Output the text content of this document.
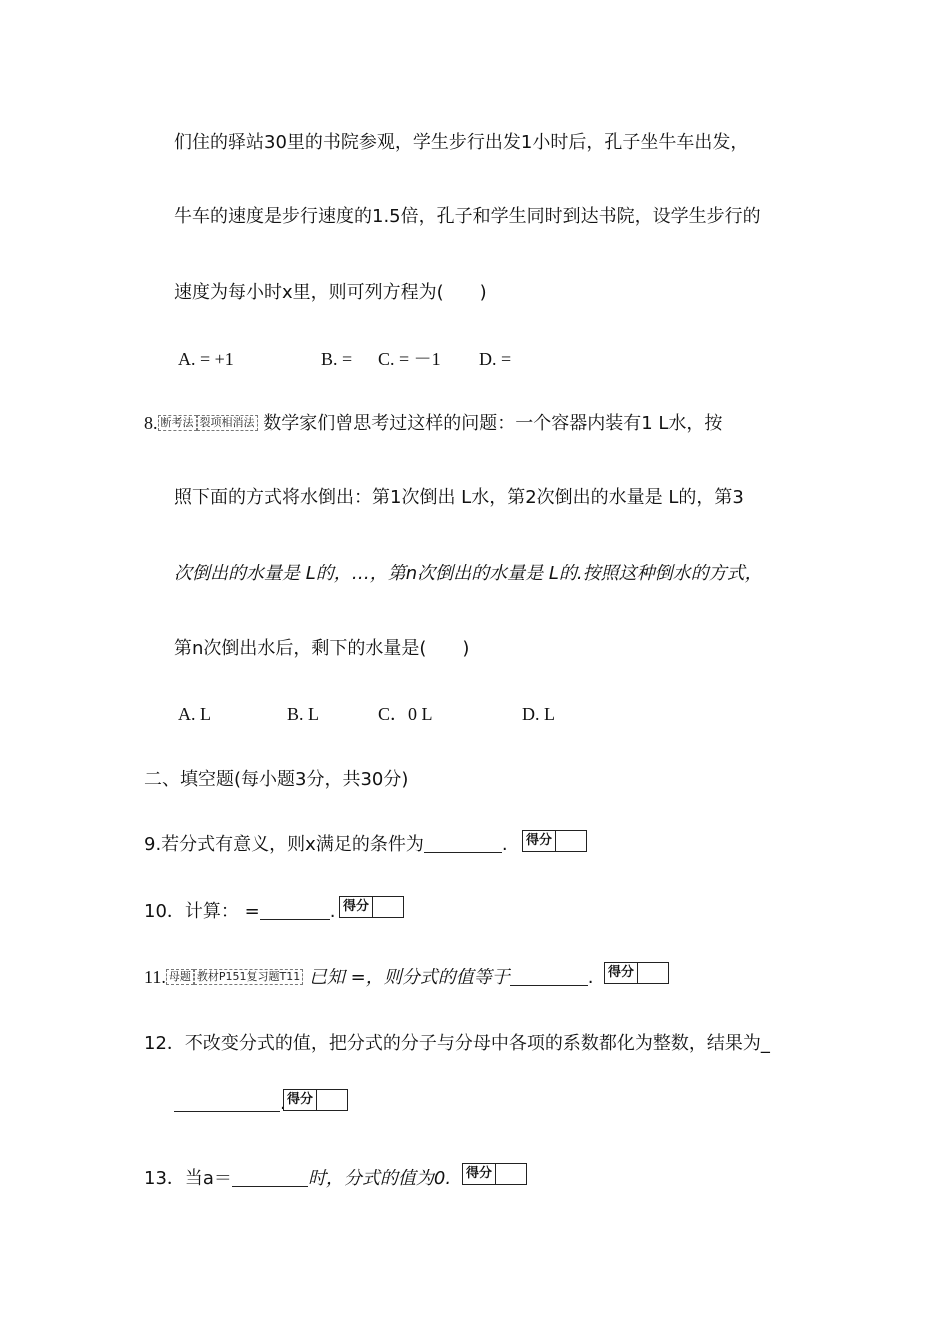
们住的驿站30里的书院参观，学生步行出发1小时后，孔子坐牛车出发，
牛车的速度是步行速度的1.5倍，孔子和学生同时到达书院，设学生步行的
速度为每小时x里，则可列方程为(　　)
A. = +1	B. = C. = －1 D. =
8. 断考法 裂项相消法 数学家们曾思考过这样的问题：一个容器内装有1 L水，按
照下面的方式将水倒出：第1次倒出 L水，第2次倒出的水量是 L的，第3
次倒出的水量是 L的，…，第n次倒出的水量是 L的.按照这种倒水的方式，
第n次倒出水后，剩下的水量是(　　)
A. L	B. L	C．0 L	D. L
二、填空题(每小题3分，共30分)
9.若分式有意义，则x满足的条件为	. 得分
10．计算： =	. 得分
11. 母题 教材P151复习题T11 已知 =，则分式的值等于	. 得分
12．不改变分式的值，把分式的分子与分母中各项的系数都化为整数，结果为_
. 得分
13．当a＝	时，分式的值为0. 得分
